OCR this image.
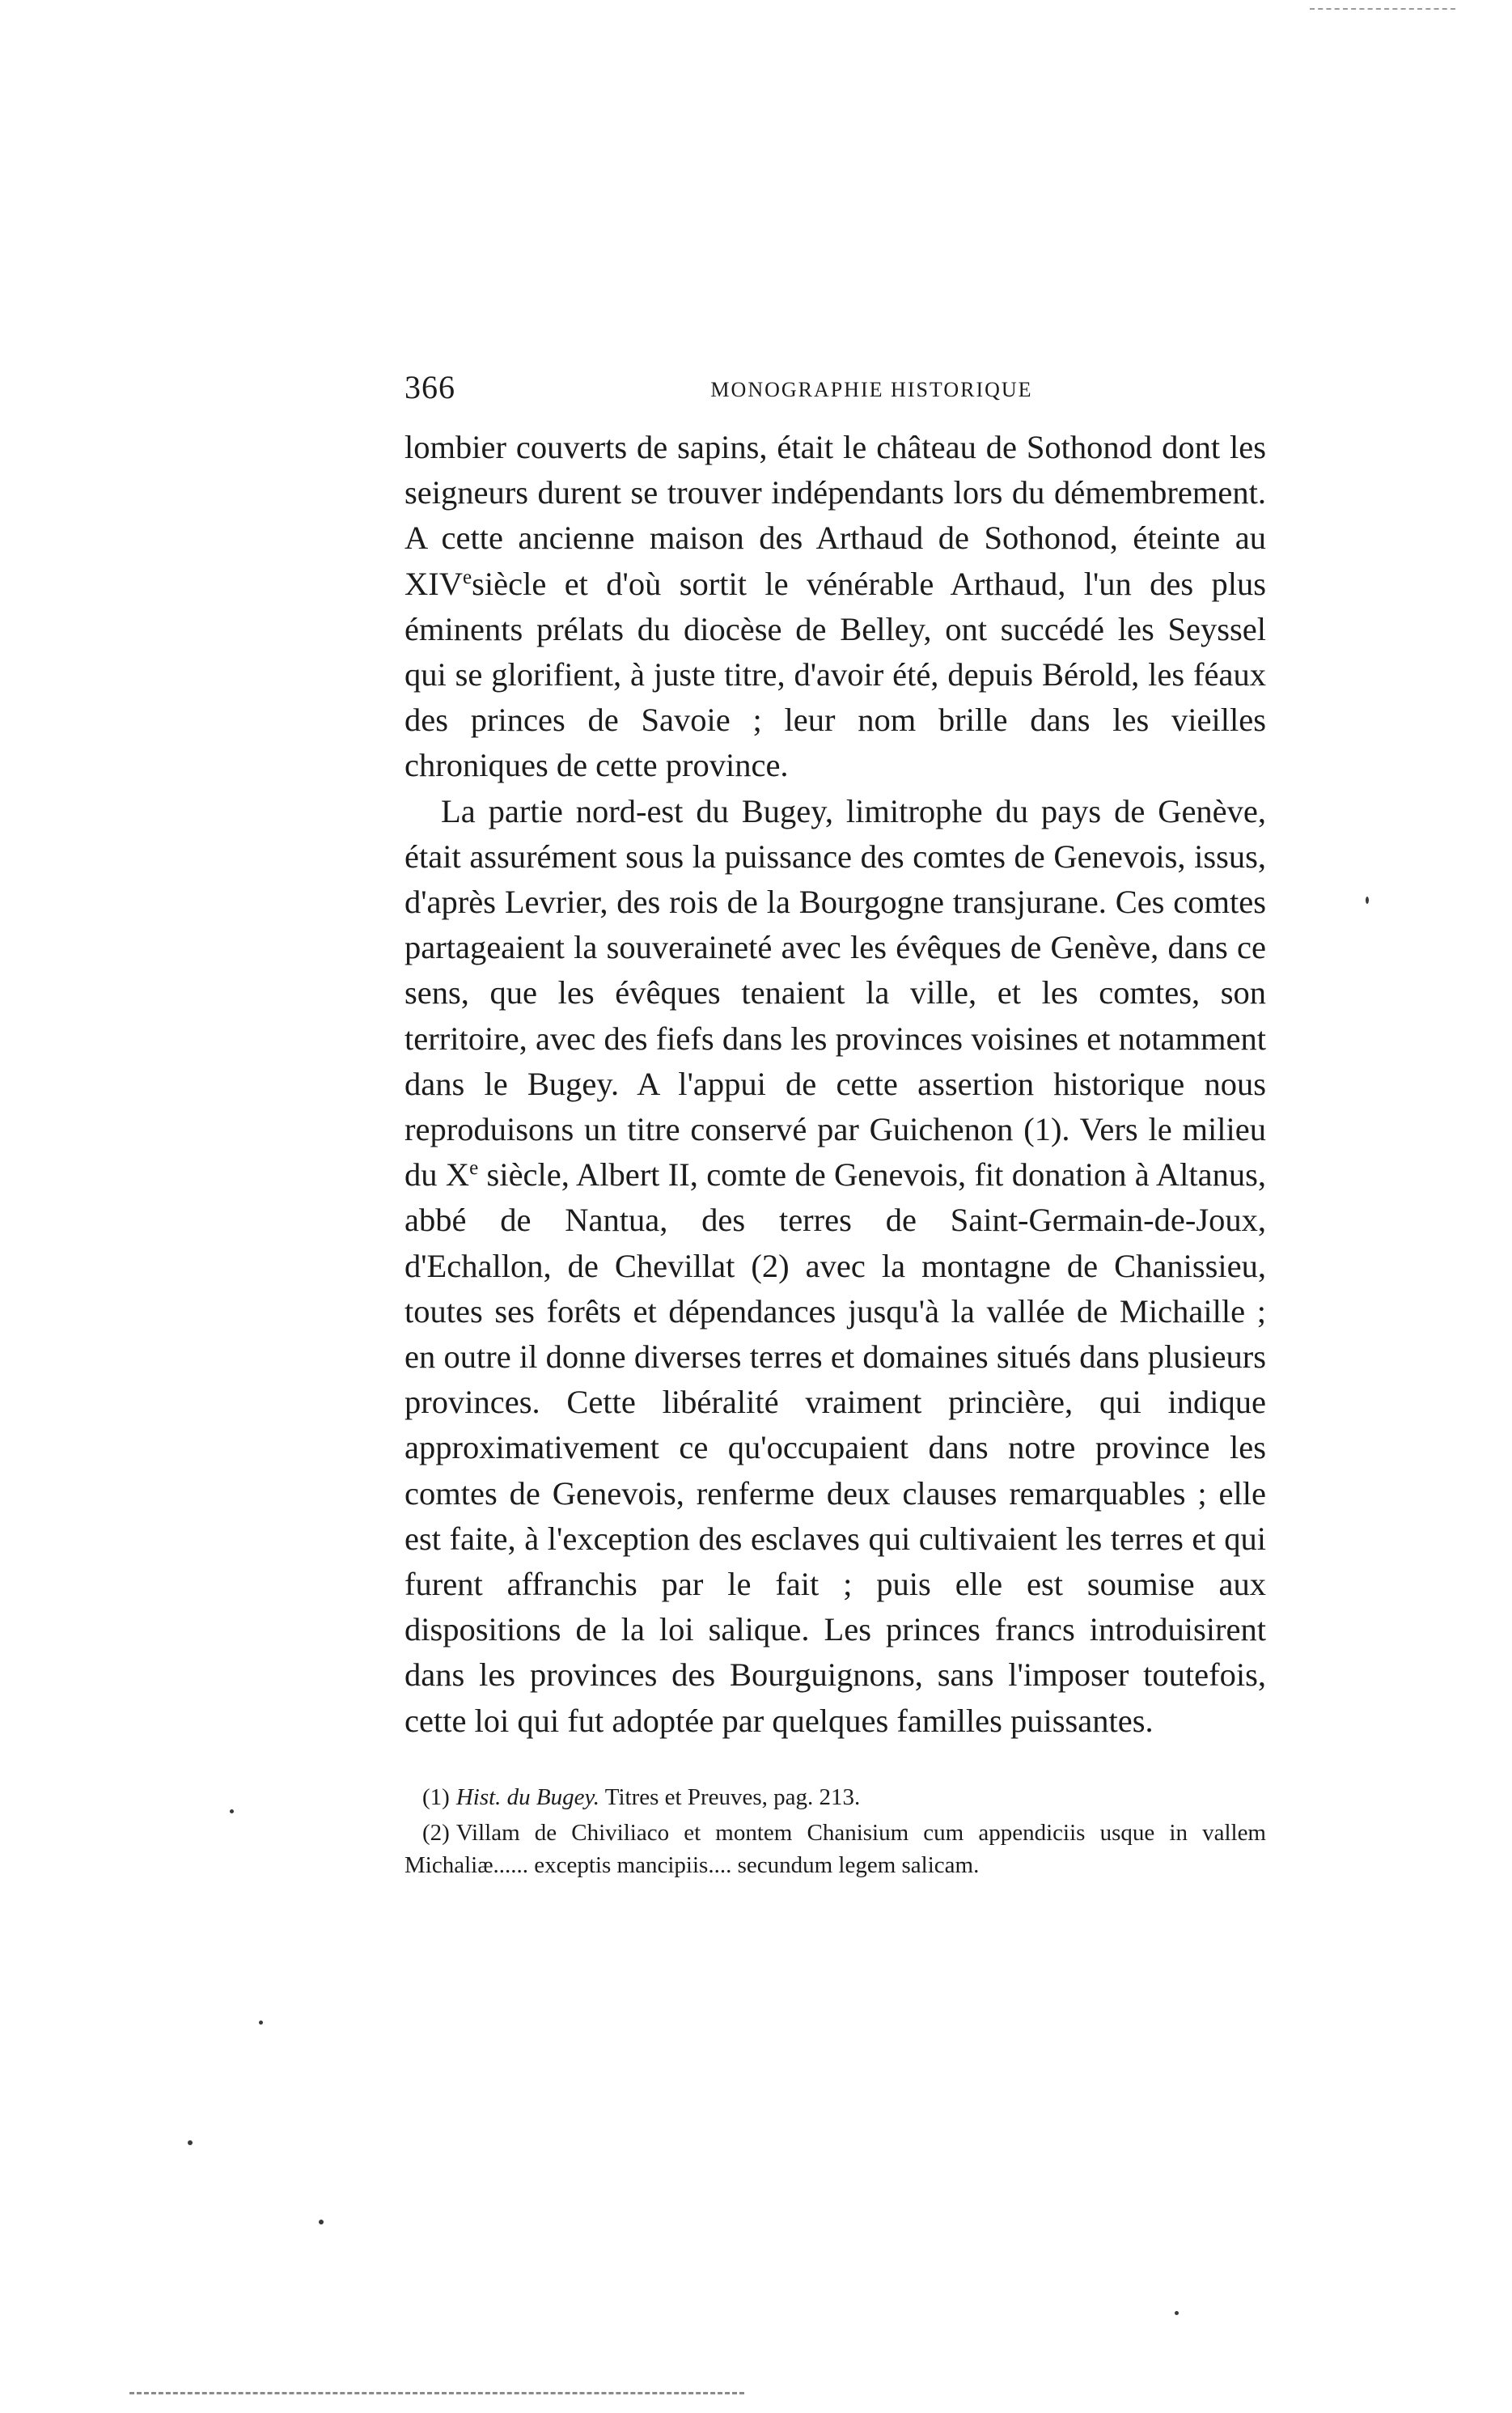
366	MONOGRAPHIE HISTORIQUE

lombier couverts de sapins, était le château de Sothonod dont les seigneurs durent se trouver indépendants lors du démembrement. A cette ancienne maison des Arthaud de Sothonod, éteinte au XIVesiècle et d'où sortit le vénérable Arthaud, l'un des plus éminents prélats du diocèse de Belley, ont succédé les Seyssel qui se glorifient, à juste titre, d'avoir été, depuis Bérold, les féaux des princes de Savoie ; leur nom brille dans les vieilles chroniques de cette province.

La partie nord-est du Bugey, limitrophe du pays de Genève, était assurément sous la puissance des comtes de Genevois, issus, d'après Levrier, des rois de la Bourgogne transjurane. Ces comtes partageaient la souveraineté avec les évêques de Genève, dans ce sens, que les évêques tenaient la ville, et les comtes, son territoire, avec des fiefs dans les provinces voisines et notamment dans le Bugey. A l'appui de cette assertion historique nous reproduisons un titre conservé par Guichenon (1). Vers le milieu du Xe siècle, Albert II, comte de Genevois, fit donation à Altanus, abbé de Nantua, des terres de Saint-Germain-de-Joux, d'Echallon, de Chevillat (2) avec la montagne de Chanissieu, toutes ses forêts et dépendances jusqu'à la vallée de Michaille ; en outre il donne diverses terres et domaines situés dans plusieurs provinces. Cette libéralité vraiment princière, qui indique approximativement ce qu'occupaient dans notre province les comtes de Genevois, renferme deux clauses remarquables ; elle est faite, à l'exception des esclaves qui cultivaient les terres et qui furent affranchis par le fait ; puis elle est soumise aux dispositions de la loi salique. Les princes francs introduisirent dans les provinces des Bourguignons, sans l'imposer toutefois, cette loi qui fut adoptée par quelques familles puissantes.

(1) Hist. du Bugey. Titres et Preuves, pag. 213.

(2) Villam de Chiviliaco et montem Chanisium cum appendiciis usque in vallem Michaliæ...... exceptis mancipiis.... secundum legem salicam.
